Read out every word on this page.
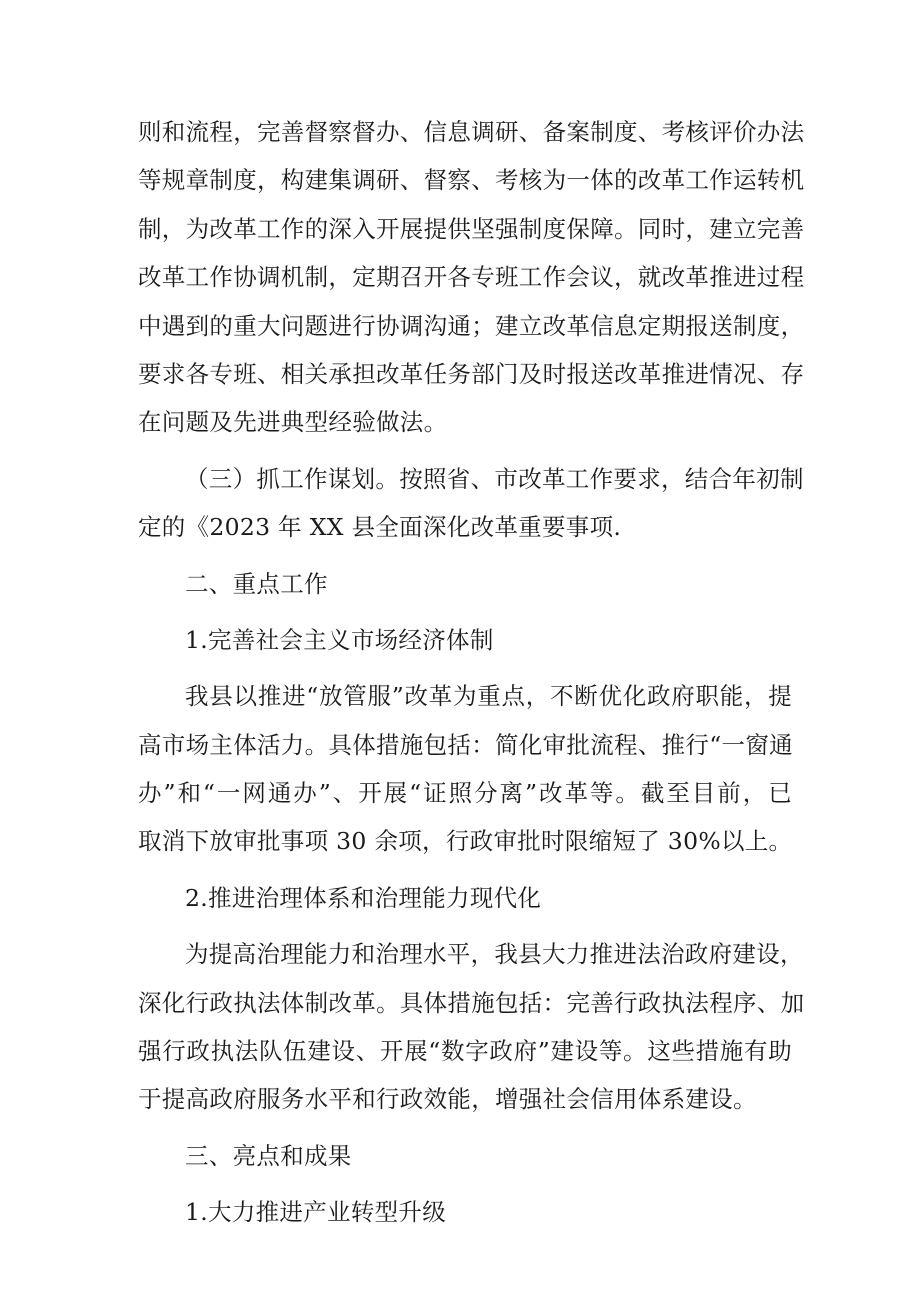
则和流程，完善督察督办、信息调研、备案制度、考核评价办法
等规章制度，构建集调研、督察、考核为一体的改革工作运转机
制，为改革工作的深入开展提供坚强制度保障。同时，建立完善
改革工作协调机制，定期召开各专班工作会议，就改革推进过程
中遇到的重大问题进行协调沟通；建立改革信息定期报送制度，
要求各专班、相关承担改革任务部门及时报送改革推进情况、存
在问题及先进典型经验做法。
（三）抓工作谋划。按照省、市改革工作要求，结合年初制
定的《2023 年 XX 县全面深化改革重要事项.
二、重点工作
1.完善社会主义市场经济体制
我县以推进“放管服”改革为重点，不断优化政府职能，提
高市场主体活力。具体措施包括：简化审批流程、推行“一窗通
办”和“一网通办”、开展“证照分离”改革等。截至目前，已
取消下放审批事项 30 余项，行政审批时限缩短了 30%以上。
2.推进治理体系和治理能力现代化
为提高治理能力和治理水平，我县大力推进法治政府建设，
深化行政执法体制改革。具体措施包括：完善行政执法程序、加
强行政执法队伍建设、开展“数字政府”建设等。这些措施有助
于提高政府服务水平和行政效能，增强社会信用体系建设。
三、亮点和成果
1.大力推进产业转型升级
